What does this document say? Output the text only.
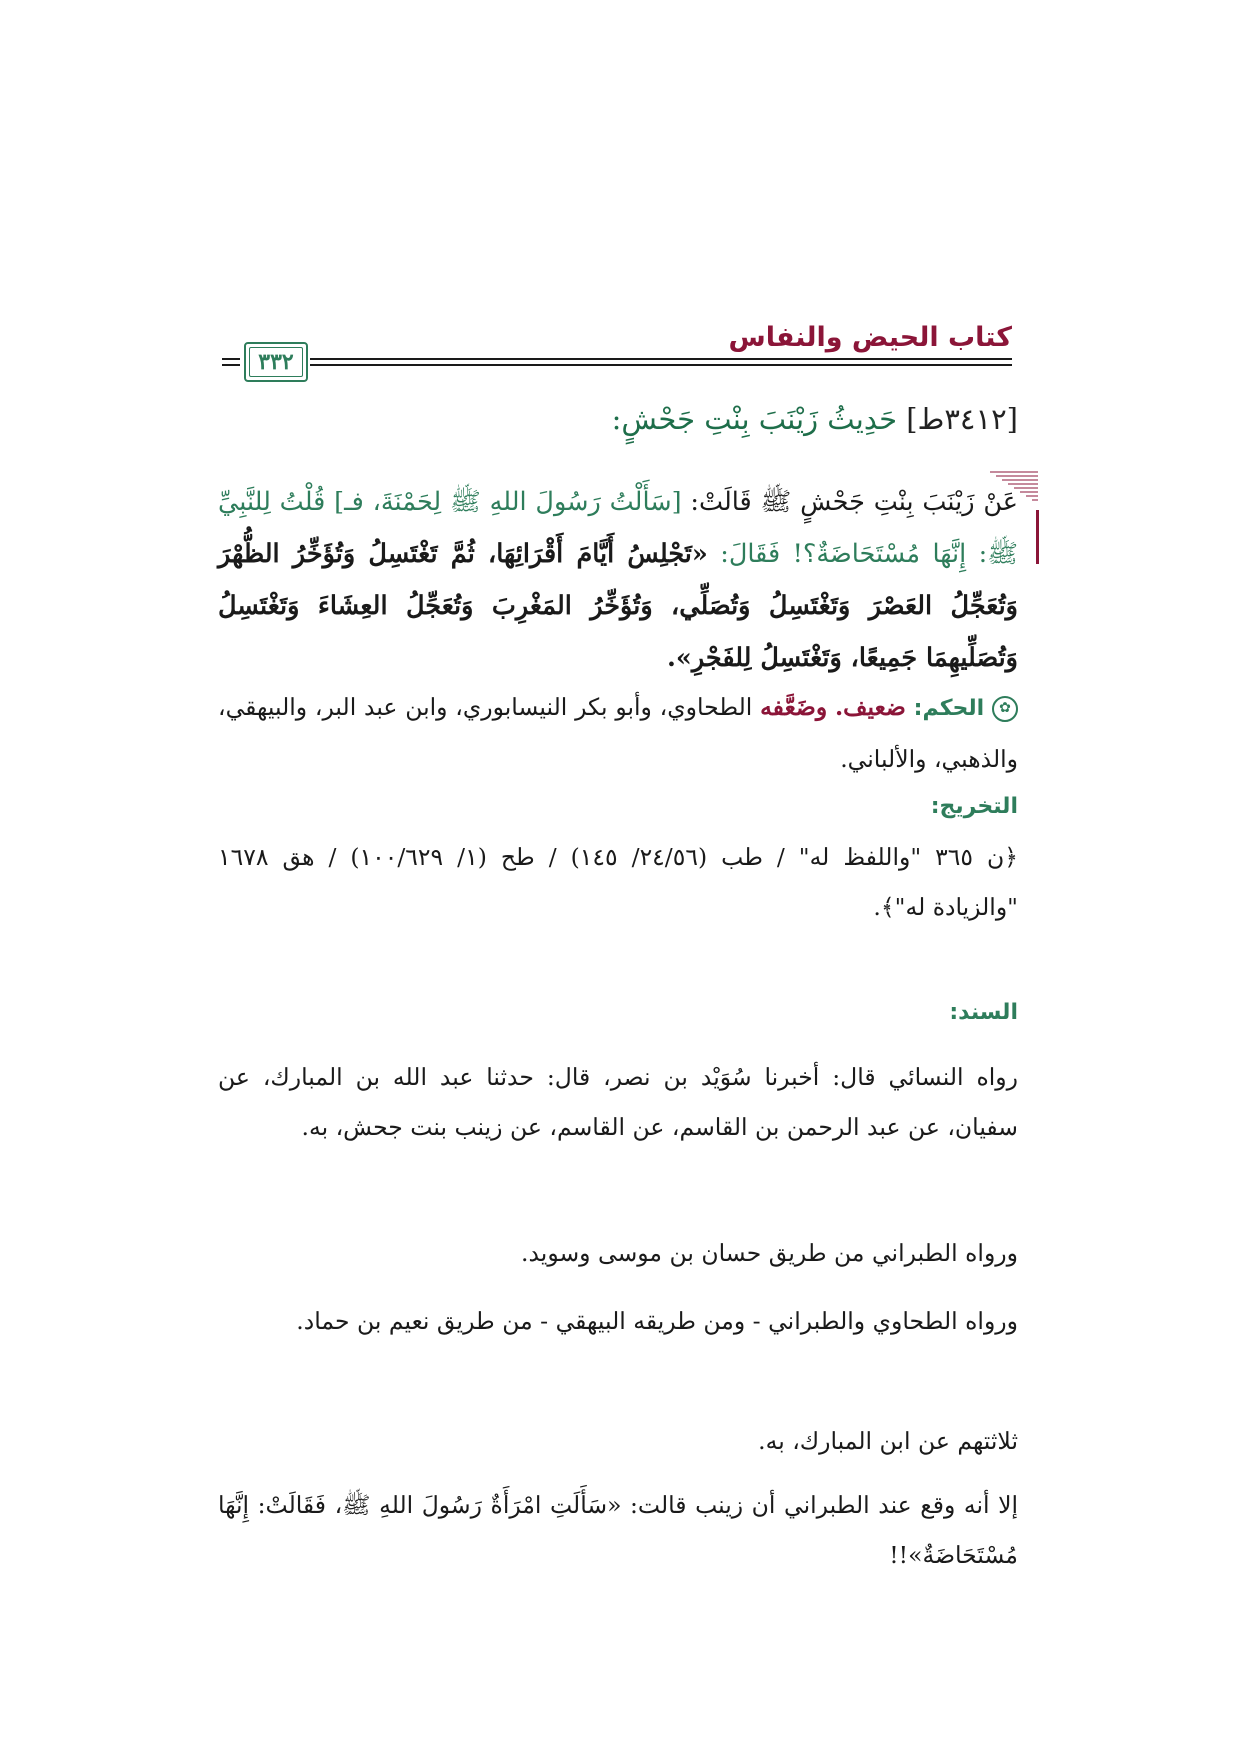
كتاب الحيض والنفاس
٣٣٢
[٣٤١٢ط] حَدِيثُ زَيْنَبَ بِنْتِ جَحْشٍ:
عَنْ زَيْنَبَ بِنْتِ جَحْشٍ ﷺ قَالَتْ: [سَأَلْتُ رَسُولَ اللهِ ﷺ لِحَمْنَةَ، فـ] قُلْتُ لِلنَّبِيِّ ﷺ: إِنَّهَا مُسْتَحَاضَةٌ؟! فَقَالَ: «تَجْلِسُ أَيَّامَ أَقْرَائِهَا، ثُمَّ تَغْتَسِلُ وَتُؤَخِّرُ الظُّهْرَ وَتُعَجِّلُ العَصْرَ وَتَغْتَسِلُ وَتُصَلِّي، وَتُؤَخِّرُ المَغْرِبَ وَتُعَجِّلُ العِشَاءَ وَتَغْتَسِلُ وَتُصَلِّيهِمَا جَمِيعًا، وَتَغْتَسِلُ لِلفَجْرِ».
✿ الحكم: ضعيف. وضَعَّفه الطحاوي، وأبو بكر النيسابوري، وابن عبد البر، والبيهقي، والذهبي، والألباني.
التخريج:
﴿ن ٣٦٥ "واللفظ له" / طب (٢٤/٥٦/ ١٤٥) / طح (١/ ١٠٠/٦٢٩) / هق ١٦٧٨ "والزيادة له"﴾.
السند:
رواه النسائي قال: أخبرنا سُوَيْد بن نصر، قال: حدثنا عبد الله بن المبارك، عن سفيان، عن عبد الرحمن بن القاسم، عن القاسم، عن زينب بنت جحش، به.
ورواه الطبراني من طريق حسان بن موسى وسويد.
ورواه الطحاوي والطبراني - ومن طريقه البيهقي - من طريق نعيم بن حماد.
ثلاثتهم عن ابن المبارك، به.
إلا أنه وقع عند الطبراني أن زينب قالت: «سَأَلَتِ امْرَأَةٌ رَسُولَ اللهِ ﷺ، فَقَالَتْ: إِنَّهَا مُسْتَحَاضَةٌ»!!
